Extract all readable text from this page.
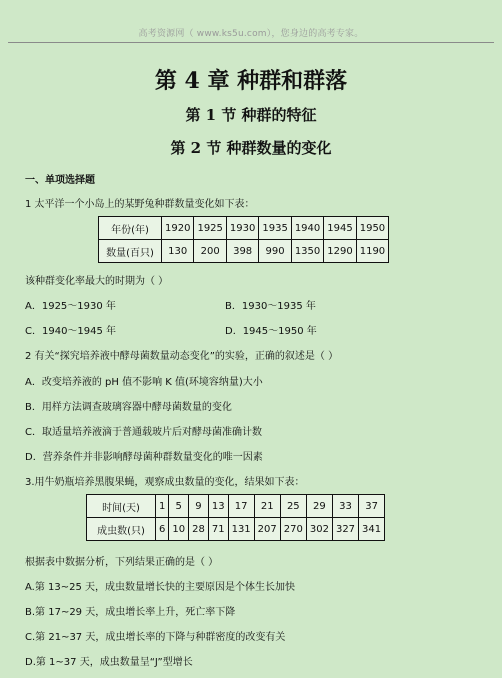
高考资源网（ www.ks5u.com），您身边的高考专家。
第 4 章 种群和群落
第 1 节 种群的特征
第 2 节 种群数量的变化
一、单项选择题
1 太平洋一个小岛上的某野兔种群数量变化如下表：
年份(年)	1920	1925	1930	1935	1940	1945	1950
数量(百只)	130	200	398	990	1350	1290	1190
该种群变化率最大的时期为（ ）
A．1925～1930 年	B．1930～1935 年
C．1940～1945 年	D．1945～1950 年
2 有关“探究培养液中酵母菌数量动态变化”的实验，正确的叙述是（ ）
A．改变培养液的 pH 值不影响 K 值(环境容纳量)大小
B．用样方法调查玻璃容器中酵母菌数量的变化
C．取适量培养液滴于普通载玻片后对酵母菌准确计数
D．营养条件并非影响酵母菌种群数量变化的唯一因素
3.用牛奶瓶培养黑腹果蝇，观察成虫数量的变化，结果如下表：
时间(天)	1	5	9	13	17	21	25	29	33	37
成虫数(只)	6	10	28	71	131	207	270	302	327	341
根据表中数据分析，下列结果正确的是（ ）
A.第 13~25 天，成虫数量增长快的主要原因是个体生长加快
B.第 17~29 天，成虫增长率上升，死亡率下降
C.第 21~37 天，成虫增长率的下降与种群密度的改变有关
D.第 1~37 天，成虫数量呈“J”型增长
